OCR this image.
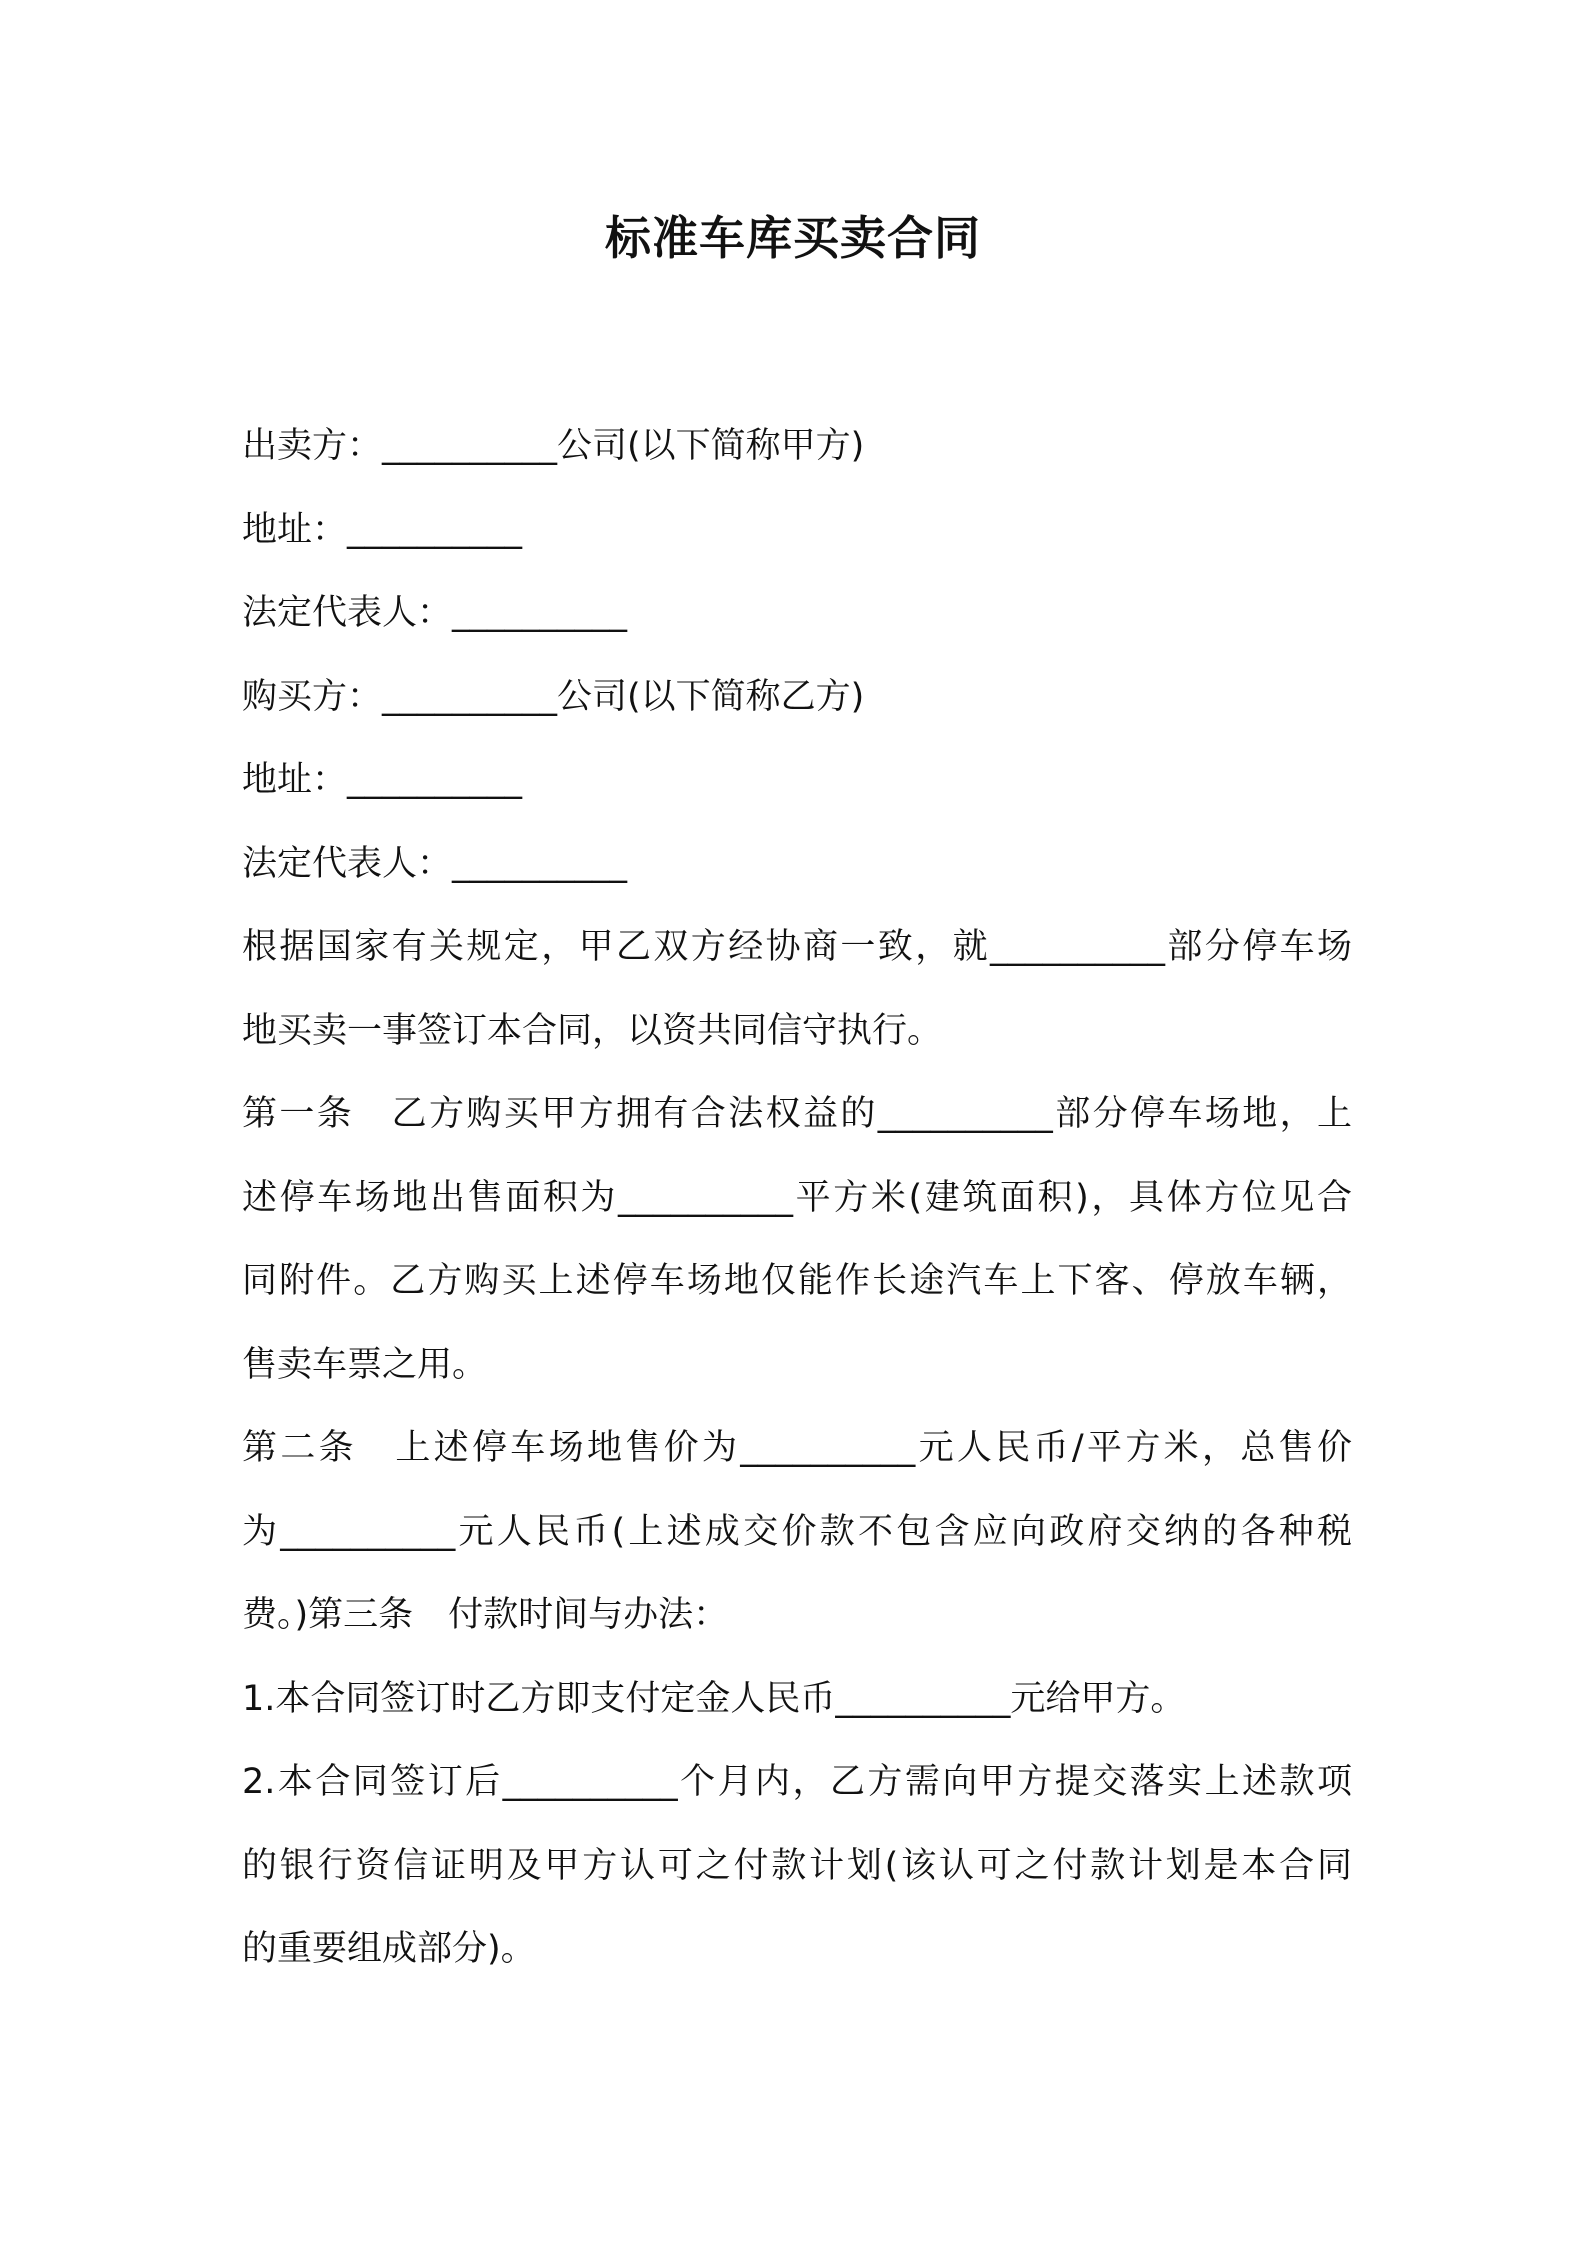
标准车库买卖合同
出卖方：__________公司(以下简称甲方)
地址：__________
法定代表人：__________
购买方：__________公司(以下简称乙方)
地址：__________
法定代表人：__________
根据国家有关规定，甲乙双方经协商一致，就__________部分停车场
地买卖一事签订本合同，以资共同信守执行。
第一条　乙方购买甲方拥有合法权益的__________部分停车场地，上
述停车场地出售面积为__________平方米(建筑面积)，具体方位见合
同附件。乙方购买上述停车场地仅能作长途汽车上下客、停放车辆，
售卖车票之用。
第二条　上述停车场地售价为__________元人民币/平方米，总售价
为__________元人民币(上述成交价款不包含应向政府交纳的各种税
费。)第三条　付款时间与办法：
1.本合同签订时乙方即支付定金人民币__________元给甲方。
2.本合同签订后__________个月内，乙方需向甲方提交落实上述款项
的银行资信证明及甲方认可之付款计划(该认可之付款计划是本合同
的重要组成部分)。
